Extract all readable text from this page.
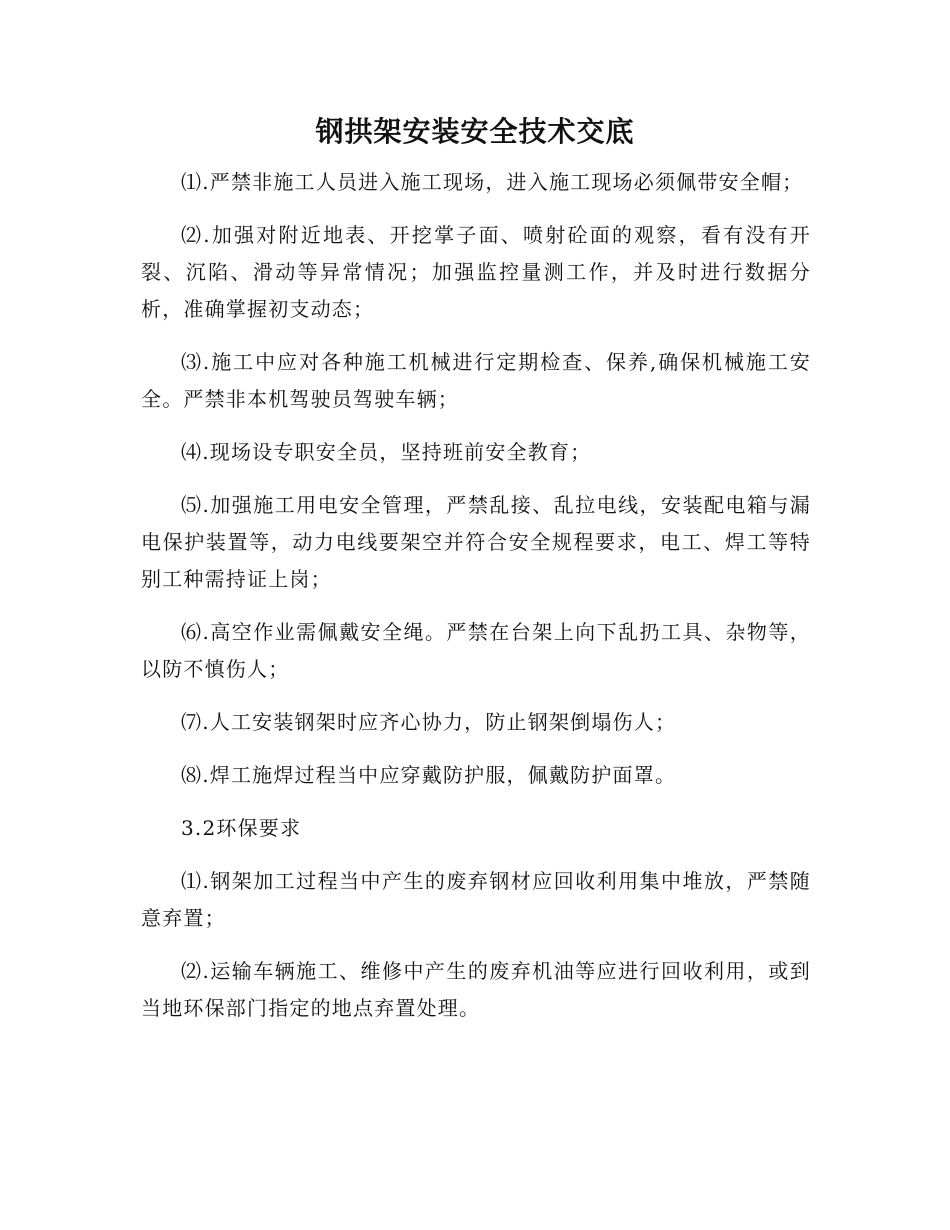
钢拱架安装安全技术交底

⑴.严禁非施工人员进入施工现场，进入施工现场必须佩带安全帽；

⑵.加强对附近地表、开挖掌子面、喷射砼面的观察，看有没有开裂、沉陷、滑动等异常情况；加强监控量测工作，并及时进行数据分析，准确掌握初支动态；

⑶.施工中应对各种施工机械进行定期检查、保养,确保机械施工安全。严禁非本机驾驶员驾驶车辆；

⑷.现场设专职安全员，坚持班前安全教育；

⑸.加强施工用电安全管理，严禁乱接、乱拉电线，安装配电箱与漏电保护装置等，动力电线要架空并符合安全规程要求，电工、焊工等特别工种需持证上岗；

⑹.高空作业需佩戴安全绳。严禁在台架上向下乱扔工具、杂物等，以防不慎伤人；

⑺.人工安装钢架时应齐心协力，防止钢架倒塌伤人；

⑻.焊工施焊过程当中应穿戴防护服，佩戴防护面罩。

3.2环保要求

⑴.钢架加工过程当中产生的废弃钢材应回收利用集中堆放，严禁随意弃置；

⑵.运输车辆施工、维修中产生的废弃机油等应进行回收利用，或到当地环保部门指定的地点弃置处理。
